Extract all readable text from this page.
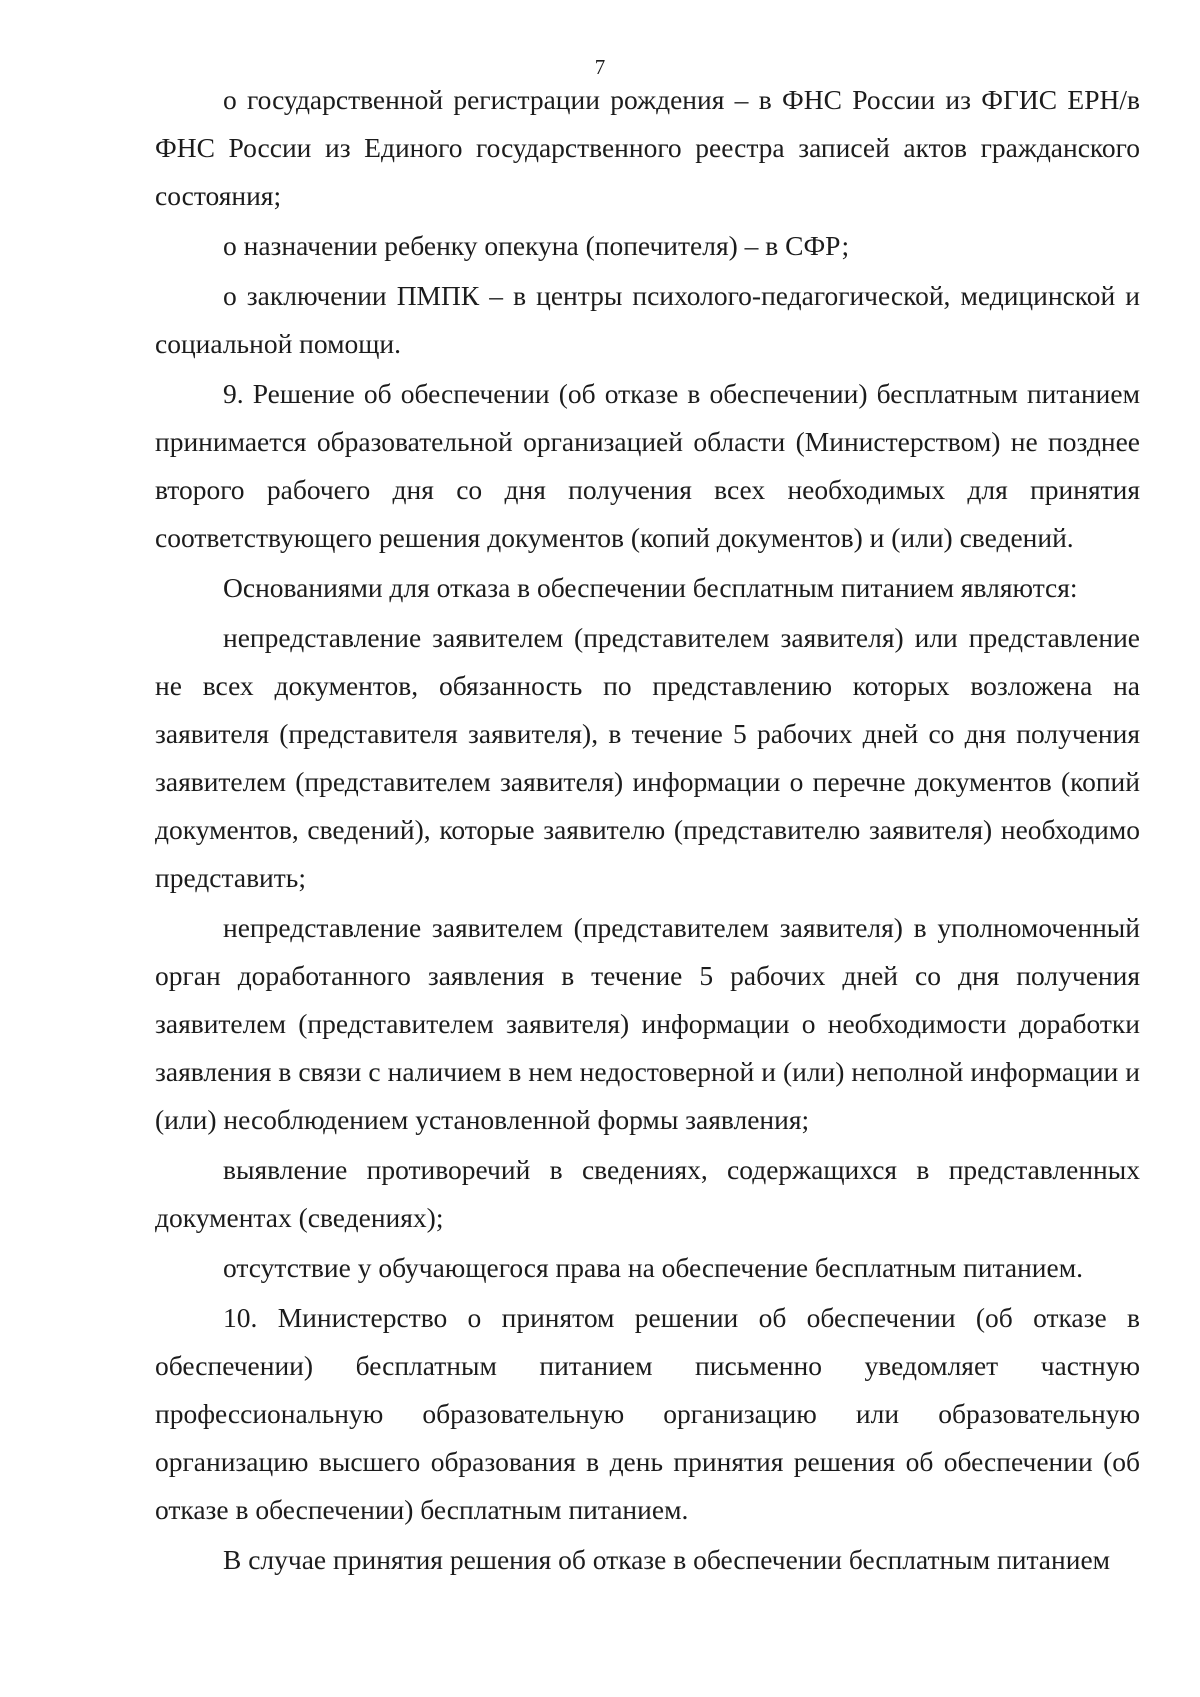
7

о государственной регистрации рождения – в ФНС России из ФГИС ЕРН/в ФНС России из Единого государственного реестра записей актов гражданского состояния;

о назначении ребенку опекуна (попечителя) – в СФР;

о заключении ПМПК – в центры психолого-педагогической, медицинской и социальной помощи.

9. Решение об обеспечении (об отказе в обеспечении) бесплатным питанием принимается образовательной организацией области (Министерством) не позднее второго рабочего дня со дня получения всех необходимых для принятия соответствующего решения документов (копий документов) и (или) сведений.

Основаниями для отказа в обеспечении бесплатным питанием являются:

непредставление заявителем (представителем заявителя) или представление не всех документов, обязанность по представлению которых возложена на заявителя (представителя заявителя), в течение 5 рабочих дней со дня получения заявителем (представителем заявителя) информации о перечне документов (копий документов, сведений), которые заявителю (представителю заявителя) необходимо представить;

непредставление заявителем (представителем заявителя) в уполномоченный орган доработанного заявления в течение 5 рабочих дней со дня получения заявителем (представителем заявителя) информации о необходимости доработки заявления в связи с наличием в нем недостоверной и (или) неполной информации и (или) несоблюдением установленной формы заявления;

выявление противоречий в сведениях, содержащихся в представленных документах (сведениях);

отсутствие у обучающегося права на обеспечение бесплатным питанием.

10. Министерство о принятом решении об обеспечении (об отказе в обеспечении) бесплатным питанием письменно уведомляет частную профессиональную образовательную организацию или образовательную организацию высшего образования в день принятия решения об обеспечении (об отказе в обеспечении) бесплатным питанием.

В случае принятия решения об отказе в обеспечении бесплатным питанием
